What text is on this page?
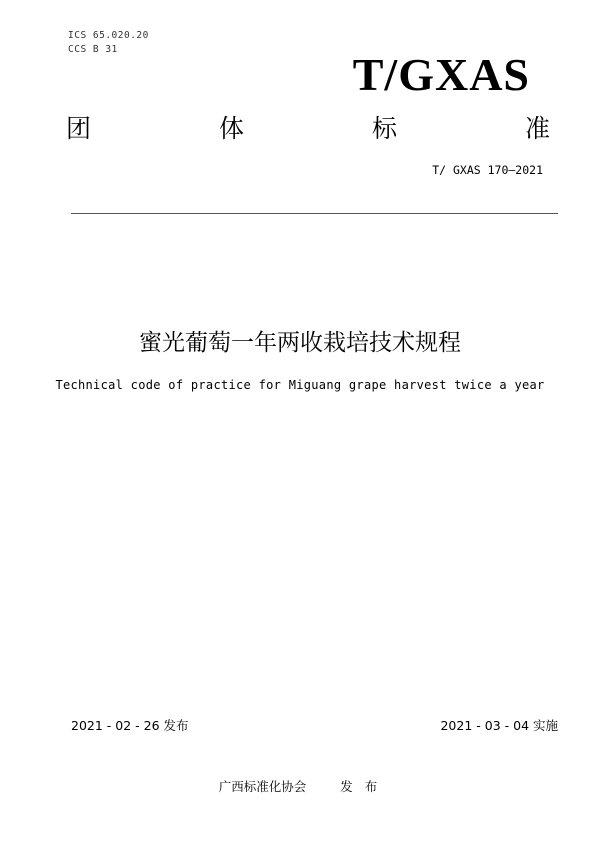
ICS 65.020.20
CCS B 31	T/GXAS
团	体	标	准
T/ GXAS 170—2021
蜜光葡萄一年两收栽培技术规程
Technical code of practice for Miguang grape harvest twice a year
2021 - 02 - 26 发布	2021 - 03 - 04 实施
广西标准化协会	发 布
